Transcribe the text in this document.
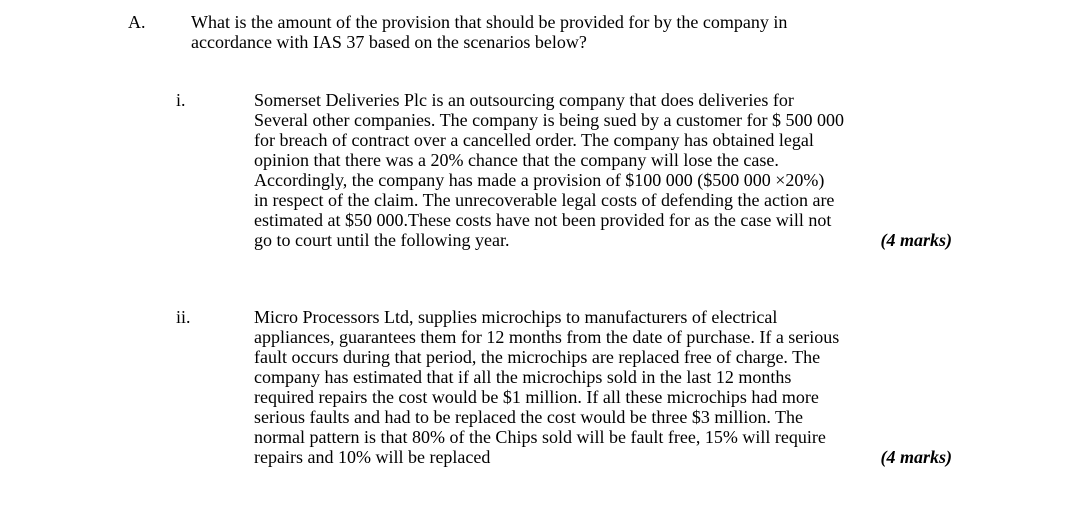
A.	What is the amount of the provision that should be provided for by the company in
accordance with IAS 37 based on the scenarios below?
i.	Somerset Deliveries Plc is an outsourcing company that does deliveries for
Several other companies. The company is being sued by a customer for $ 500 000
for breach of contract over a cancelled order. The company has obtained legal
opinion that there was a 20% chance that the company will lose the case.
Accordingly, the company has made a provision of $100 000 ($500 000 ×20%)
in respect of the claim. The unrecoverable legal costs of defending the action are
estimated at $50 000.These costs have not been provided for as the case will not
go to court until the following year.	(4 marks)
ii.	Micro Processors Ltd, supplies microchips to manufacturers of electrical
appliances, guarantees them for 12 months from the date of purchase. If a serious
fault occurs during that period, the microchips are replaced free of charge. The
company has estimated that if all the microchips sold in the last 12 months
required repairs the cost would be $1 million. If all these microchips had more
serious faults and had to be replaced the cost would be three $3 million. The
normal pattern is that 80% of the Chips sold will be fault free, 15% will require
repairs and 10% will be replaced	(4 marks)
